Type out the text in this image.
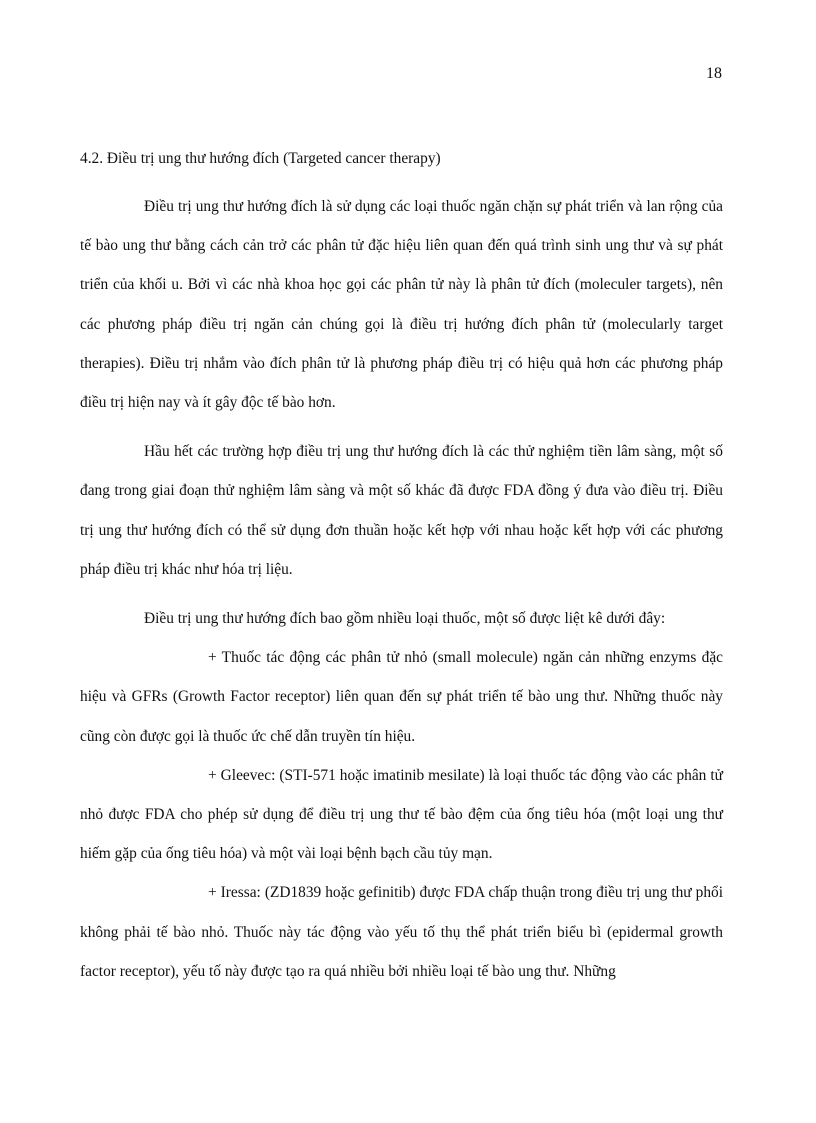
18

4.2. Điều trị ung thư hướng đích (Targeted cancer therapy)

Điều trị ung thư hướng đích là sử dụng các loại thuốc ngăn chặn sự phát triển và lan rộng của tế bào ung thư bằng cách cản trở các phân tử đặc hiệu liên quan đến quá trình sinh ung thư và sự phát triển của khối u. Bởi vì các nhà khoa học gọi các phân tử này là phân tử đích (moleculer targets), nên các phương pháp điều trị ngăn cản chúng gọi là điều trị hướng đích phân tử (molecularly target therapies). Điều trị nhắm vào đích phân tử là phương pháp điều trị có hiệu quả hơn các phương pháp điều trị hiện nay và ít gây độc tế bào hơn.

Hầu hết các trường hợp điều trị ung thư hướng đích là các thử nghiệm tiền lâm sàng, một số đang trong giai đoạn thử nghiệm lâm sàng và một số khác đã được FDA đồng ý đưa vào điều trị. Điều trị ung thư hướng đích có thể sử dụng đơn thuần hoặc kết hợp với nhau hoặc kết hợp với các phương pháp điều trị khác như hóa trị liệu.

Điều trị ung thư hướng đích bao gồm nhiều loại thuốc, một số được liệt kê dưới đây:

+ Thuốc tác động các phân tử nhỏ (small molecule) ngăn cản những enzyms đặc hiệu và GFRs (Growth Factor receptor) liên quan đến sự phát triển tế bào ung thư. Những thuốc này cũng còn được gọi là thuốc ức chế dẫn truyền tín hiệu.

+ Gleevec: (STI-571 hoặc imatinib mesilate) là loại thuốc tác động vào các phân tử nhỏ được FDA cho phép sử dụng để điều trị ung thư tế bào đệm của ống tiêu hóa (một loại ung thư hiếm gặp của ống tiêu hóa) và một vài loại bệnh bạch cầu tủy mạn.

+ Iressa: (ZD1839 hoặc gefinitib) được FDA chấp thuận trong điều trị ung thư phổi không phải tế bào nhỏ. Thuốc này tác động vào yếu tố thụ thể phát triển biểu bì (epidermal growth factor receptor), yếu tố này được tạo ra quá nhiều bởi nhiều loại tế bào ung thư. Những
